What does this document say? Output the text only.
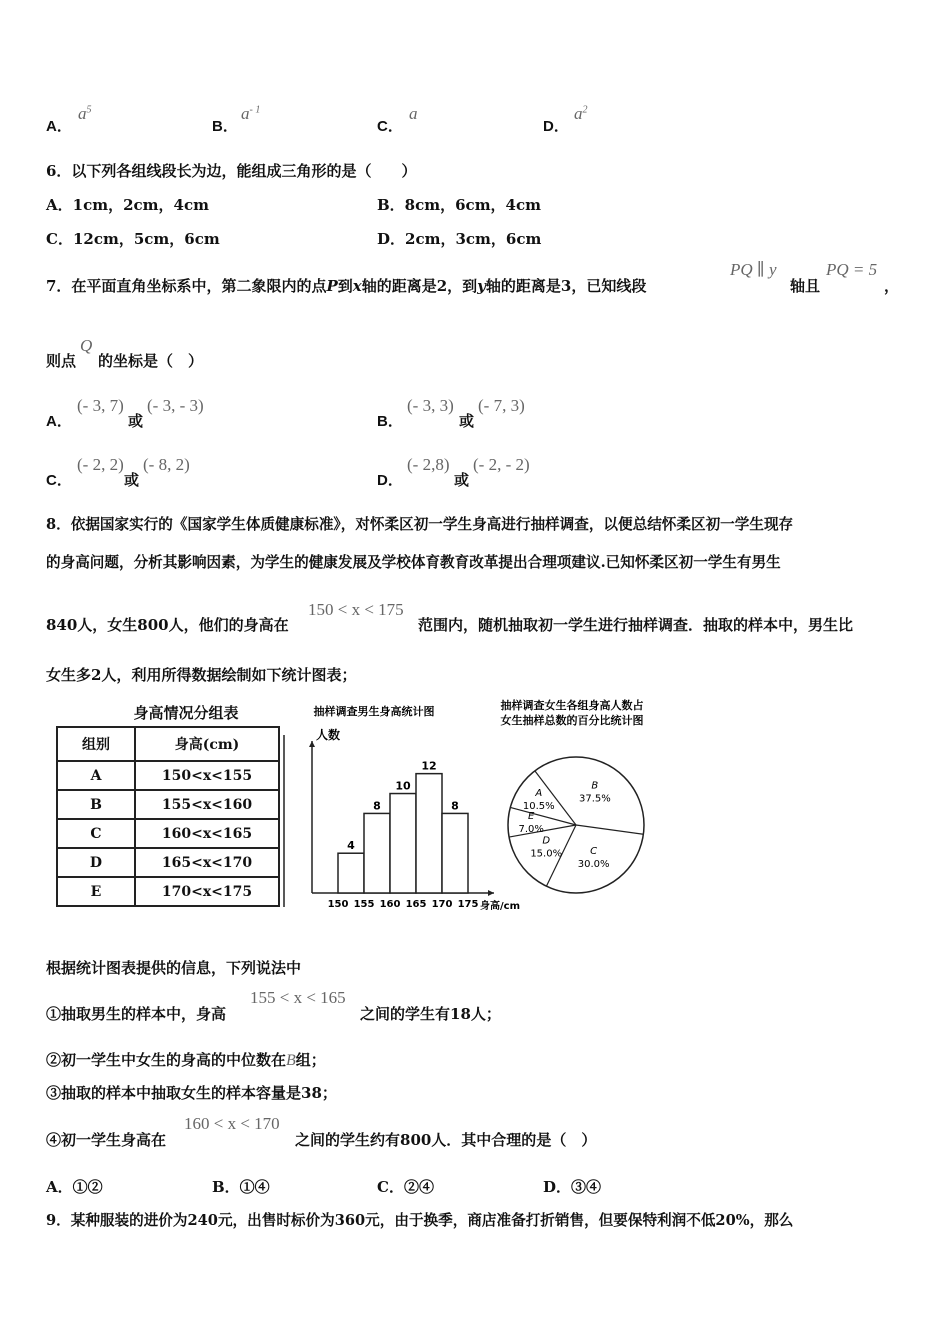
A．
$a^5$
B．
$a^{- 1}$
C．
a
D．
$a^2$
6．以下列各组线段长为边，能组成三角形的是（　　）
A．1cm，2cm，4cm	B．8cm，6cm，4cm
C．12cm，5cm，6cm	D．2cm，3cm，6cm
7．在平面直角坐标系中，第二象限内的点P到x轴的距离是2，到y轴的距离是3，已知线段
PQ ∥ y
轴且
PQ = 5
，
则点
Q
的坐标是（　）
A．
(- 3, 7)
或
(- 3, - 3)
B．
(- 3, 3)
或
(- 7, 3)
C．
(- 2, 2)
或
(- 8, 2)
D．
(- 2,8)
或
(- 2, - 2)
8．依据国家实行的《国家学生体质健康标准》，对怀柔区初一学生身高进行抽样调查，以便总结怀柔区初一学生现存
的身高问题，分析其影响因素，为学生的健康发展及学校体育教育改革提出合理项建议.已知怀柔区初一学生有男生
840人，女生800人，他们的身高在
150 < x < 175
范围内，随机抽取初一学生进行抽样调查．抽取的样本中，男生比
女生多2人，利用所得数据绘制如下统计图表；
身高情况分组表
组别	身高(cm)
A	150<x<155
B	155<x<160
C	160<x<165
D	165<x<170
E	170<x<175
抽样调查男生身高统计图
人数
身高/cm
4
8
10
12
8
150 155 160 165 170 175
抽样调查女生各组身高人数占
女生抽样总数的百分比统计图
A
10.5%
B
37.5%
C
30.0%
D
15.0%
E
7.0%
根据统计图表提供的信息，下列说法中
①抽取男生的样本中，身高
155 < x < 165
之间的学生有18人；
②初一学生中女生的身高的中位数在B组；
③抽取的样本中抽取女生的样本容量是38；
④初一学生身高在
160 < x < 170
之间的学生约有800人．其中合理的是（　）
A．①②	B．①④	C．②④	D．③④
9．某种服装的进价为240元，出售时标价为360元，由于换季，商店准备打折销售，但要保特利润不低20%，那么
